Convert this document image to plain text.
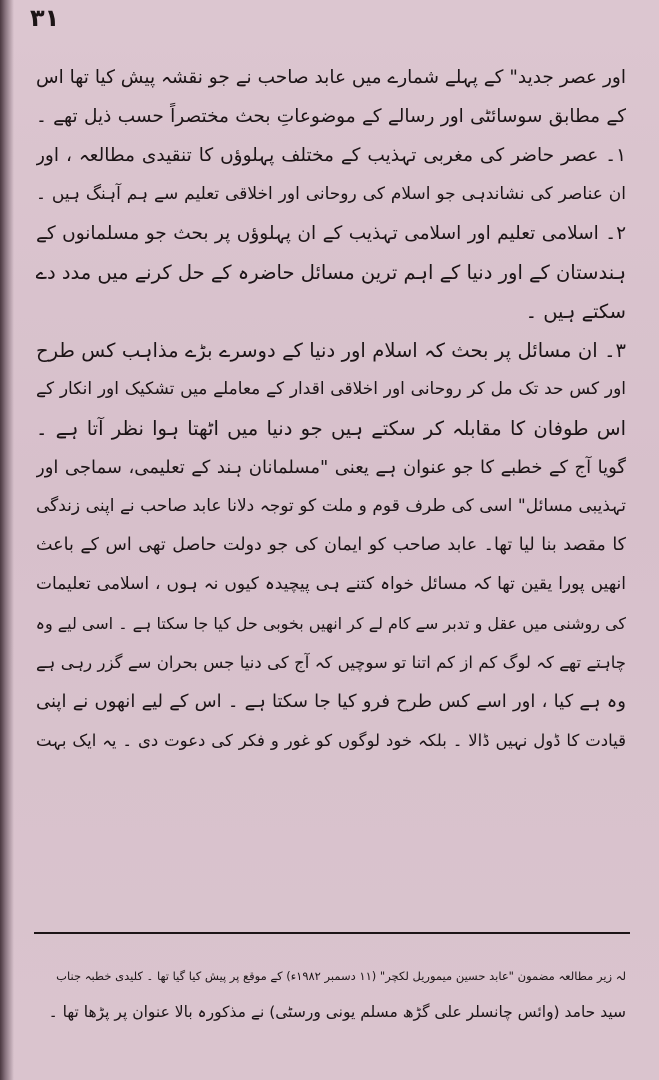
۳۱
اور عصر جدید" کے پہلے شمارے میں عابد صاحب نے جو نقشہ پیش کیا تھا اس
کے مطابق سوسائٹی اور رسالے کے موضوعاتِ بحث مختصراً حسب ذیل تھے ۔
۱۔ عصر حاضر کی مغربی تہذیب کے مختلف پہلوؤں کا تنقیدی مطالعہ ، اور
ان عناصر کی نشاندہی جو اسلام کی روحانی اور اخلاقی تعلیم سے ہم آہنگ ہیں ۔
۲۔ اسلامی تعلیم اور اسلامی تہذیب کے ان پہلوؤں پر بحث جو مسلمانوں کے
ہندستان کے اور دنیا کے اہم ترین مسائل حاضرہ کے حل کرنے میں مدد دے
سکتے ہیں ۔
۳۔ ان مسائل پر بحث کہ اسلام اور دنیا کے دوسرے بڑے مذاہب کس طرح
اور کس حد تک مل کر روحانی اور اخلاقی اقدار کے معاملے میں تشکیک اور انکار کے
اس طوفان کا مقابلہ کر سکتے ہیں جو دنیا میں اٹھتا ہوا نظر آتا ہے ۔
گویا آج کے خطبے کا جو عنوان ہے یعنی "مسلمانان ہند کے تعلیمی، سماجی اور
تہذیبی مسائل" اسی کی طرف قوم و ملت کو توجہ دلانا عابد صاحب نے اپنی زندگی
کا مقصد بنا لیا تھا۔ عابد صاحب کو ایمان کی جو دولت حاصل تھی اس کے باعث
انھیں پورا یقین تھا کہ مسائل خواہ کتنے ہی پیچیدہ کیوں نہ ہوں ، اسلامی تعلیمات
کی روشنی میں عقل و تدبر سے کام لے کر انھیں بخوبی حل کیا جا سکتا ہے ۔ اسی لیے وہ
چاہتے تھے کہ لوگ کم از کم اتنا تو سوچیں کہ آج کی دنیا جس بحران سے گزر رہی ہے
وہ ہے کیا ، اور اسے کس طرح فرو کیا جا سکتا ہے ۔ اس کے لیے انھوں نے اپنی
قیادت کا ڈول نہیں ڈالا ۔ بلکہ خود لوگوں کو غور و فکر کی دعوت دی ۔ یہ ایک بہت
لہ زیر مطالعہ مضمون "عابد حسین میموریل لکچر" (۱۱ دسمبر ۱۹۸۲ء) کے موقع پر پیش کیا گیا تھا ۔ کلیدی خطبہ جناب
سید حامد (وائس چانسلر علی گڑھ مسلم یونی ورسٹی) نے مذکورہ بالا عنوان پر پڑھا تھا ۔
